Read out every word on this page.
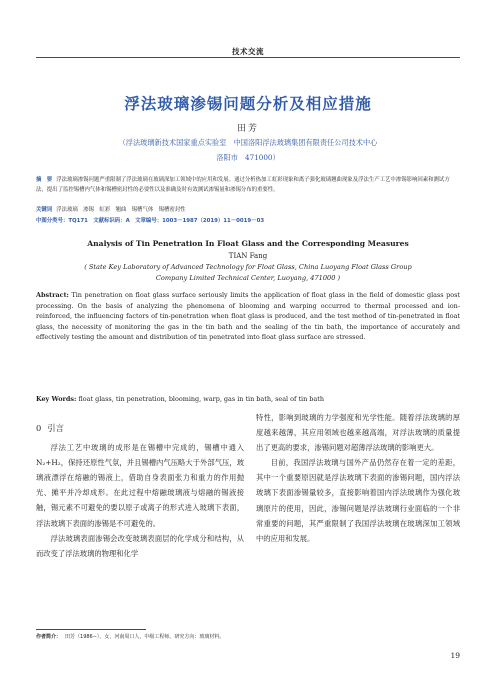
技术交流
浮法玻璃渗锡问题分析及相应措施
田芳
（浮法玻璃新技术国家重点实验室　中国洛阳浮法玻璃集团有限责任公司技术中心
洛阳市　471000）
摘　要 浮法玻璃渗锡问题严重限制了浮法玻璃在玻璃深加工领域中的应用和发展。通过分析热加工虹彩现象和离子强化玻璃翘曲现象及浮法生产工艺中渗锡影响因素和测试方法，提出了监控锡槽内气体和锡槽密封性的必要性以及准确及时有效测试渗锡量和渗锡分布的重要性。
关键词 浮法玻璃　渗锡　虹彩　翘曲　锡槽气体　锡槽密封性
中图分类号：TQ171　文献标识码：A　文章编号：1003－1987（2019）11－0019－03
Analysis of Tin Penetration In Float Glass and the Corresponding Measures
TIAN Fang
( State Key Laboratory of Advanced Technology for Float Glass, China Luoyang Float Glass Group
Company Limited Technical Center, Luoyang, 471000 )
Abstract: Tin penetration on float glass surface seriously limits the application of float glass in the field of domestic glass post processing. On the basis of analyzing the phenomena of blooming and warping occurred to thermal processed and ion-reinforced, the influencing factors of tin-penetration when float glass is produced, and the test method of tin-penetrated in float glass, the necessity of monitoring the gas in the tin bath and the sealing of the tin bath, the importance of accurately and effectively testing the amount and distribution of tin penetrated into float glass surface are stressed.
Key Words: float glass, tin penetration, blooming, warp, gas in tin bath, seal of tin bath
0 引言

浮法工艺中玻璃的成形是在锡槽中完成的，锡槽中通入N₂+H₂，保持还原性气氛，并且锡槽内气压略大于外部气压，玻璃液漂浮在熔融的锡液上，借助自身表面张力和重力的作用抛光、摊平并冷却成形。在此过程中熔融玻璃液与熔融的锡液接触，锡元素不可避免的要以原子或离子的形式进入玻璃下表面，浮法玻璃下表面的渗锡是不可避免的。

浮法玻璃表面渗锡会改变玻璃表面层的化学成分和结构，从而改变了浮法玻璃的物理和化学

特性，影响到玻璃的力学强度和光学性能。随着浮法玻璃的厚度越来越薄，其应用领域也越来越高端，对浮法玻璃的质量提出了更高的要求，渗锡问题对超薄浮法玻璃的影响更大。

目前，我国浮法玻璃与国外产品仍然存在着一定的差距，其中一个重要原因就是浮法玻璃下表面的渗锡问题，国内浮法玻璃下表面渗锡量较多，直接影响着国内浮法玻璃作为强化玻璃原片的使用，因此，渗锡问题是浮法玻璃行业面临的一个非常重要的问题，其严重限制了我国浮法玻璃在玻璃深加工领域中的应用和发展。

作者简介： 田芳（1986−），女，河南周口人，中级工程师。研究方向：玻璃材料。
19
